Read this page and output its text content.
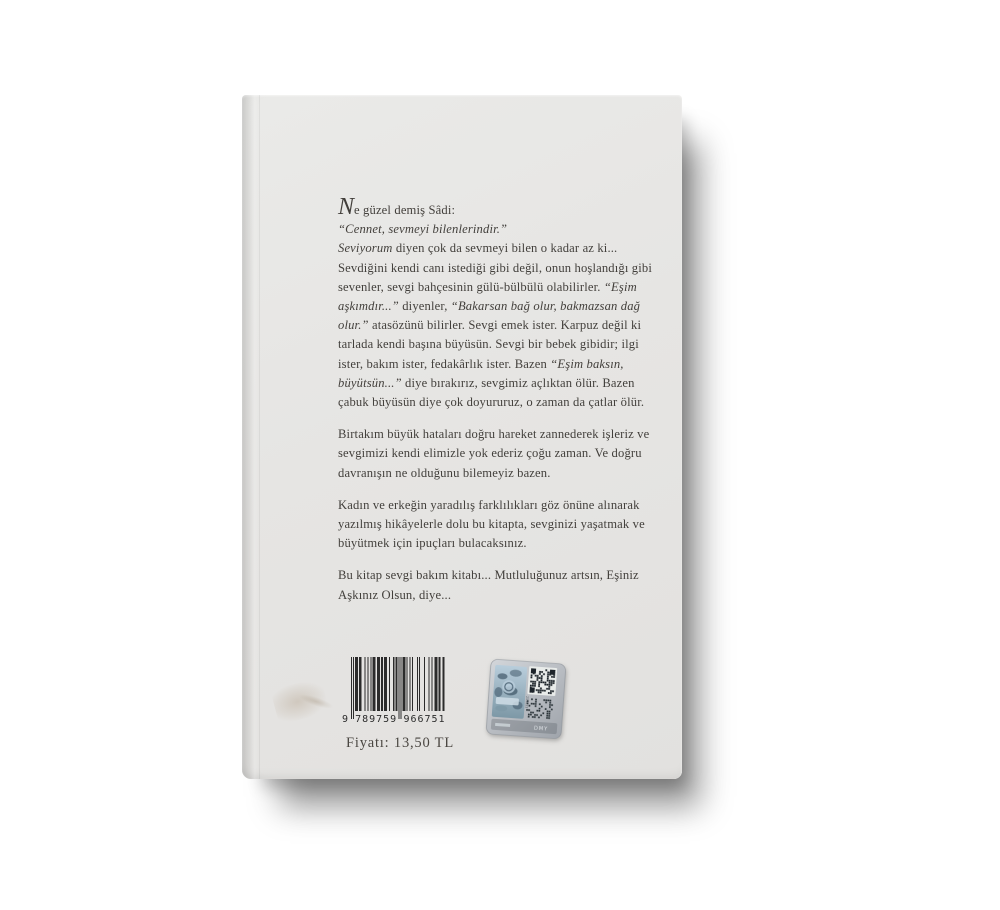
Ne güzel demiş Sâdi:
“Cennet, sevmeyi bilenlerindir.”
Seviyorum diyen çok da sevmeyi bilen o kadar az ki... Sevdiğini kendi canı istediği gibi değil, onun hoşlandığı gibi sevenler, sevgi bahçesinin gülü-bülbülü olabilirler. “Eşim aşkımdır...” diyenler, “Bakarsan bağ olur, bakmazsan dağ olur.” atasözünü bilirler. Sevgi emek ister. Karpuz değil ki tarlada kendi başına büyüsün. Sevgi bir bebek gibidir; ilgi ister, bakım ister, fedakârlık ister. Bazen “Eşim baksın, büyütsün...” diye bırakırız, sevgimiz açlıktan ölür. Bazen çabuk büyüsün diye çok doyururuz, o zaman da çatlar ölür.

Birtakım büyük hataları doğru hareket zannederek işleriz ve sevgimizi kendi elimizle yok ederiz çoğu zaman. Ve doğru davranışın ne olduğunu bilemeyiz bazen.

Kadın ve erkeğin yaradılış farklılıkları göz önüne alınarak yazılmış hikâyelerle dolu bu kitapta, sevginizi yaşatmak ve büyütmek için ipuçları bulacaksınız.

Bu kitap sevgi bakım kitabı... Mutluluğunuz artsın, Eşiniz Aşkınız Olsun, diye...

9 789759 966751
Fiyatı: 13,50 TL
253033
DMY
